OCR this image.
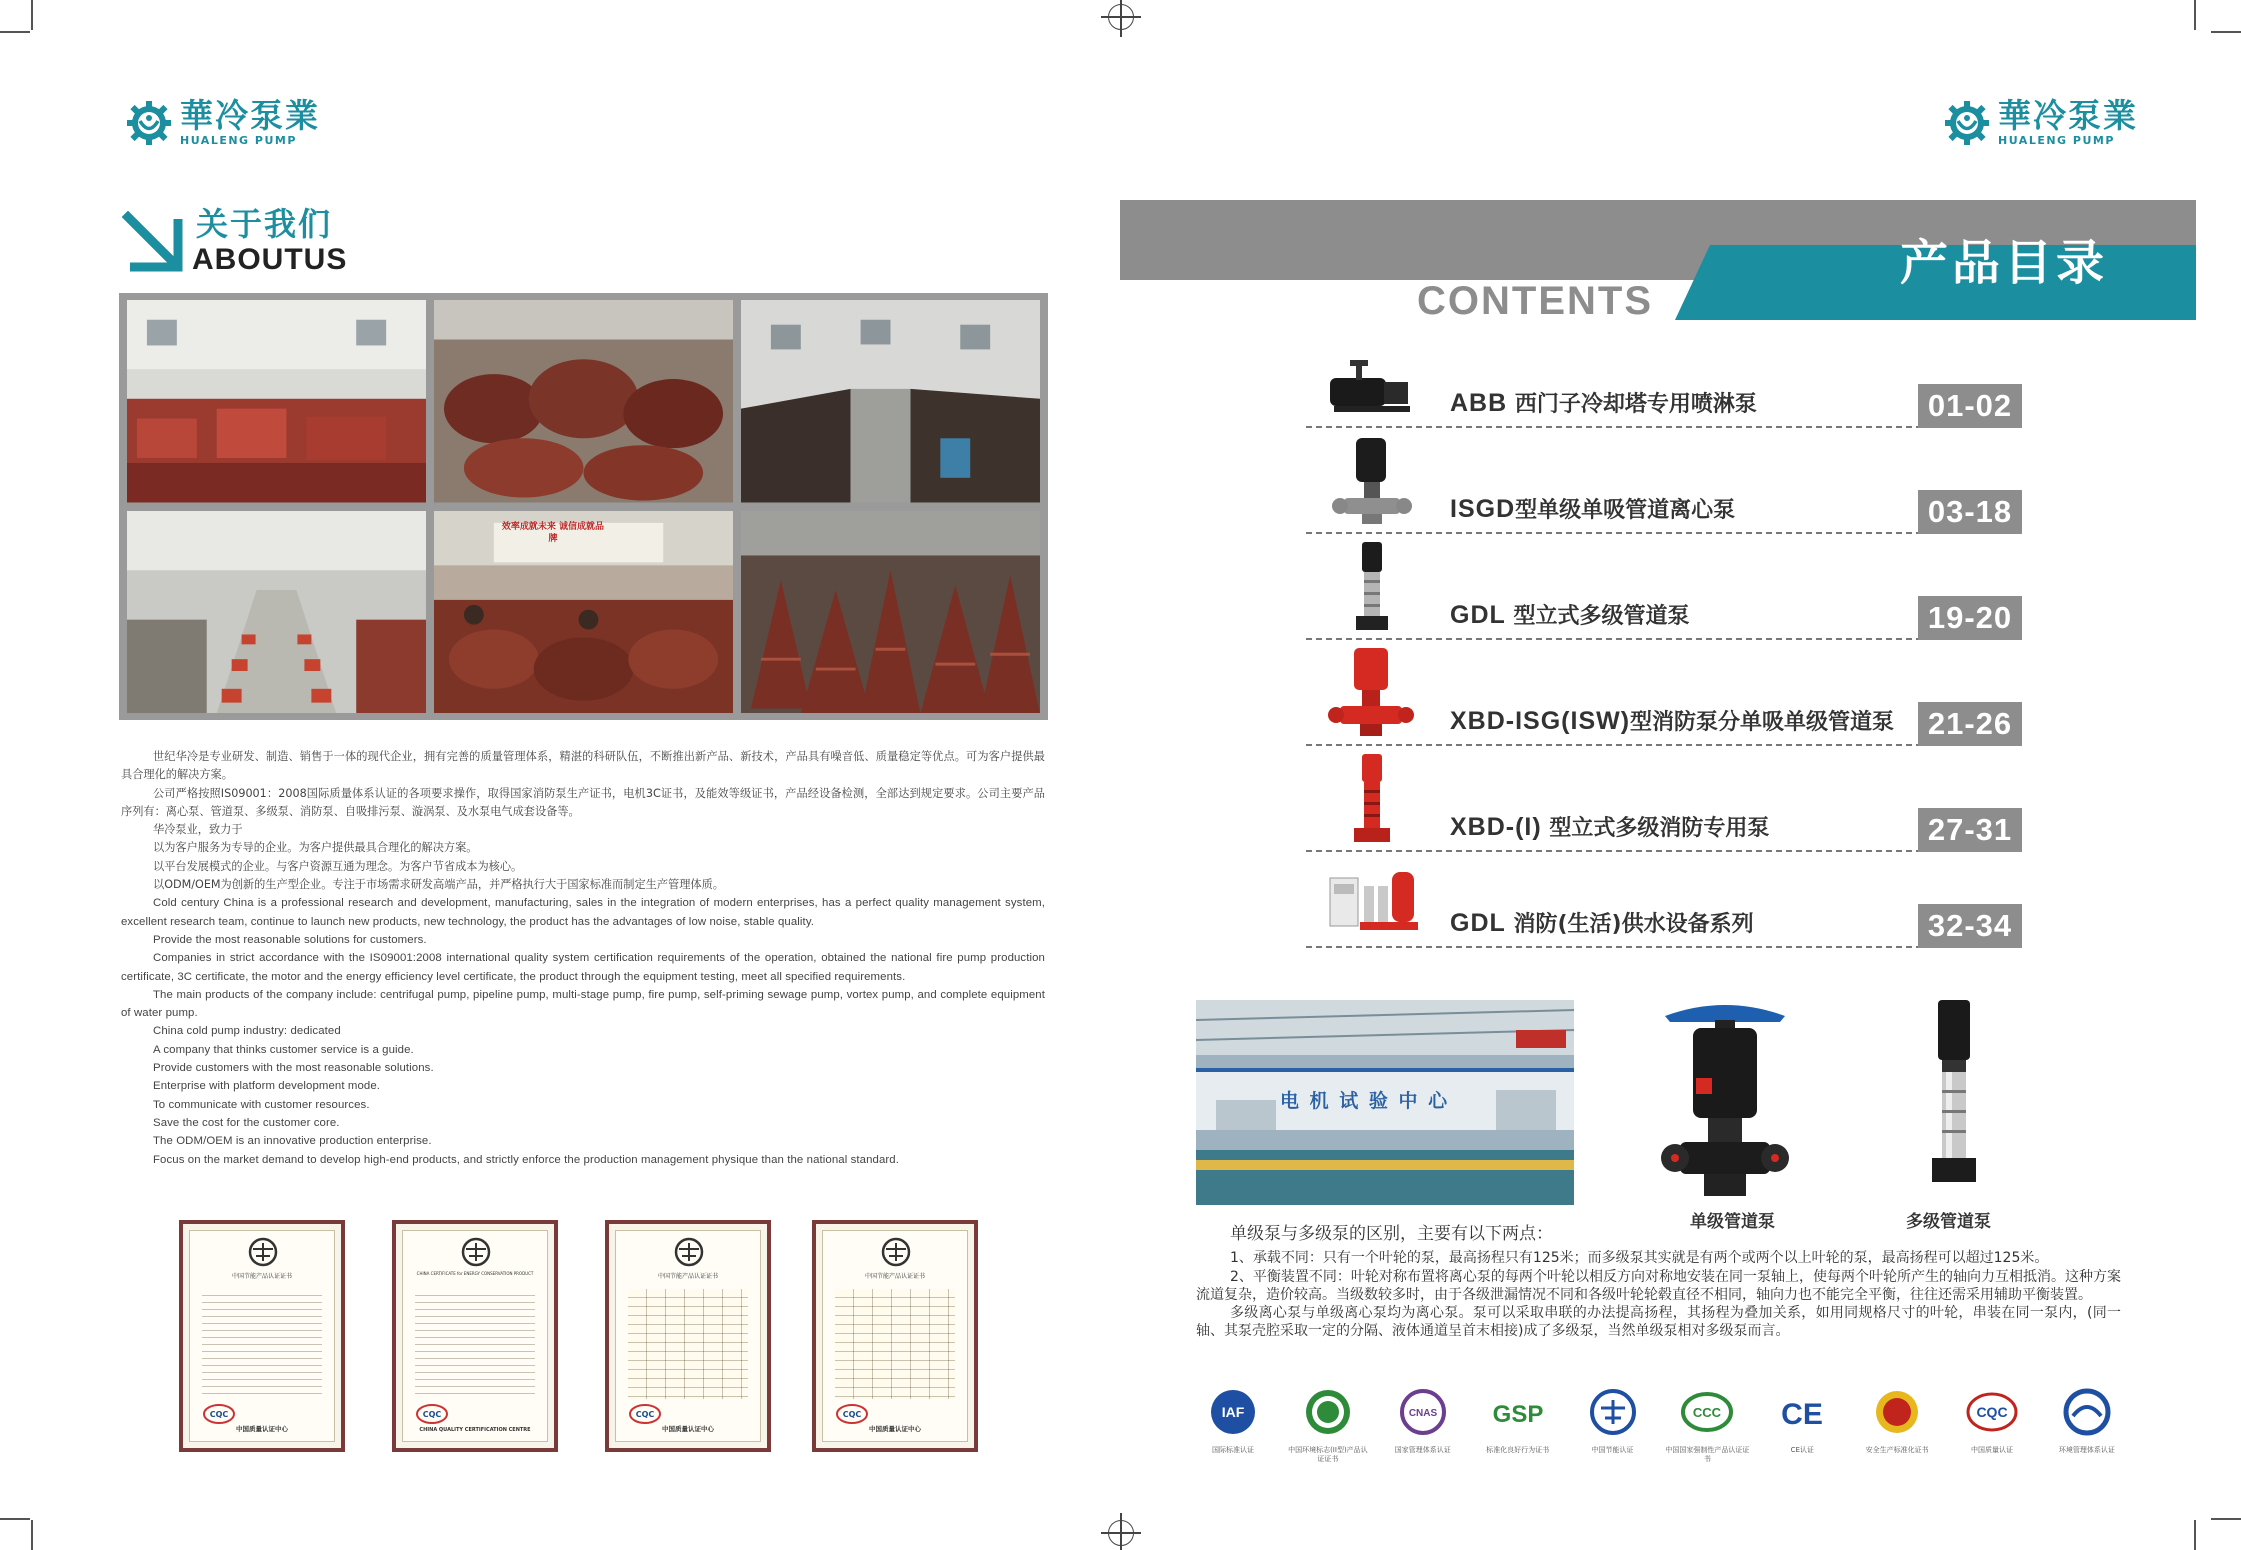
華冷泵業
HUALENG PUMP
華冷泵業
HUALENG PUMP
关于我们
ABOUTUS
效率成就未来 诚信成就品牌

世纪华冷是专业研发、制造、销售于一体的现代企业，拥有完善的质量管理体系，精湛的科研队伍，不断推出新产品、新技术，产品具有噪音低、质量稳定等优点。可为客户提供最具合理化的解决方案。

公司严格按照IS09001：2008国际质量体系认证的各项要求操作，取得国家消防泵生产证书，电机3C证书，及能效等级证书，产品经设备检测，全部达到规定要求。公司主要产品序列有：离心泵、管道泵、多级泵、消防泵、自吸排污泵、漩涡泵、及水泵电气成套设备等。

华冷泵业，致力于

以为客户服务为专导的企业。为客户提供最具合理化的解决方案。

以平台发展模式的企业。与客户资源互通为理念。为客户节省成本为核心。

以ODM/OEM为创新的生产型企业。专注于市场需求研发高端产品，并严格执行大于国家标准而制定生产管理体质。

Cold century China is a professional research and development, manufacturing, sales in the integration of modern enterprises, has a perfect quality management system, excellent research team, continue to launch new products, new technology, the product has the advantages of low noise, stable quality.

Provide the most reasonable solutions for customers.

Companies in strict accordance with the IS09001:2008 international quality system certification requirements of the operation, obtained the national fire pump production certificate, 3C certificate, the motor and the energy efficiency level certificate, the product through the equipment testing, meet all specified requirements.

The main products of the company include: centrifugal pump, pipeline pump, multi-stage pump, fire pump, self-priming sewage pump, vortex pump, and complete equipment of water pump.

China cold pump industry: dedicated

A company that thinks customer service is a guide.

Provide customers with the most reasonable solutions.

Enterprise with platform development mode.

To communicate with customer resources.

Save the cost for the customer core.

The ODM/OEM is an innovative production enterprise.

Focus on the market demand to develop high-end products, and strictly enforce the production management physique than the national standard.

中国节能产品认证证书
CQC
中国质量认证中心
CHINA CERTIFICATE for ENERGY CONSERVATION PRODUCT
CQC
CHINA QUALITY CERTIFICATION CENTRE
中国节能产品认证证书
CQC
中国质量认证中心
中国节能产品认证证书
CQC
中国质量认证中心
产品目录
CONTENTS
ABB 西门子冷却塔专用喷淋泵	01-02
ISGD型单级单吸管道离心泵	03-18
GDL 型立式多级管道泵	19-20
XBD-ISG(ISW)型消防泵分单吸单级管道泵	21-26
XBD-(I) 型立式多级消防专用泵	27-31
GDL 消防(生活)供水设备系列	32-34
电 机 试 验 中 心
单级管道泵	多级管道泵
单级泵与多级泵的区别，主要有以下两点：

1、承载不同：只有一个叶轮的泵，最高扬程只有125米；而多级泵其实就是有两个或两个以上叶轮的泵，最高扬程可以超过125米。

2、平衡装置不同：叶轮对称布置将离心泵的每两个叶轮以相反方向对称地安装在同一泵轴上，使每两个叶轮所产生的轴向力互相抵消。这种方案流道复杂，造价较高。当级数较多时，由于各级泄漏情况不同和各级叶轮轮毂直径不相同，轴向力也不能完全平衡，往往还需采用辅助平衡装置。

多级离心泵与单级离心泵均为离心泵。泵可以采取串联的办法提高扬程，其扬程为叠加关系，如用同规格尺寸的叶轮，串装在同一泵内，(同一轴、其泵壳腔采取一定的分隔、液体通道呈首末相接)成了多级泵，当然单级泵相对多级泵而言。

IAF
国际标准认证	中国环境标志(II型)产品认证证书
CNAS
国家管理体系认证
GSP
标准化良好行为证书	中国节能认证
CCC
中国国家强制性产品认证证书
CE
CE认证	安全生产标准化证书
CQC
中国质量认证	环境管理体系认证
